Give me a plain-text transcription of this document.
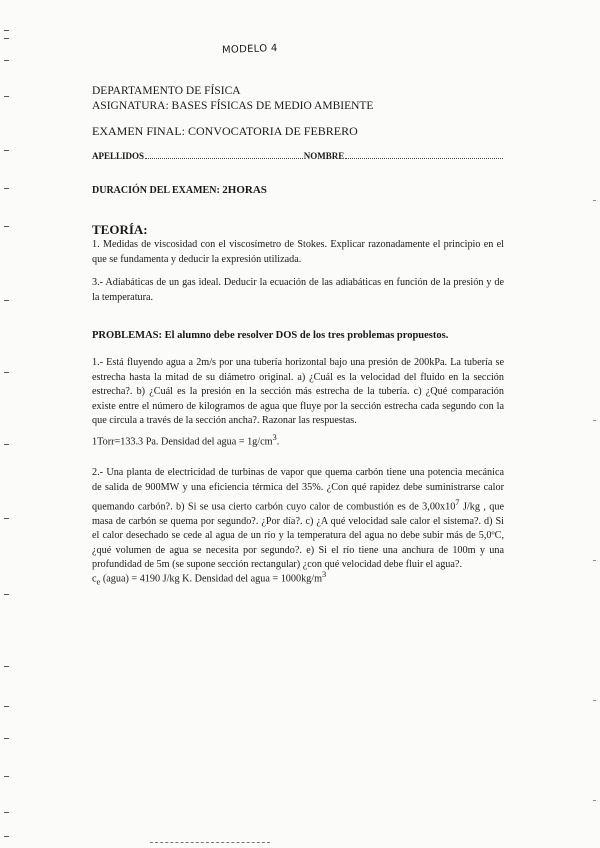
MODELO 4
DEPARTAMENTO DE FÍSICA
ASIGNATURA: BASES FÍSICAS DE MEDIO AMBIENTE
EXAMEN FINAL: CONVOCATORIA DE FEBRERO
APELLIDOS	NOMBRE
DURACIÓN DEL EXAMEN: 2HORAS
TEORÍA:
1. Medidas de viscosidad con el viscosímetro de Stokes. Explicar razonadamente el principio en el que se fundamenta y deducir la expresión utilizada.
3.- Adiabáticas de un gas ideal. Deducir la ecuación de las adiabáticas en función de la presión y de la temperatura.
PROBLEMAS: El alumno debe resolver DOS de los tres problemas propuestos.
1.- Está fluyendo agua a 2m/s por una tubería horizontal bajo una presión de 200kPa. La tubería se estrecha hasta la mitad de su diámetro original. a) ¿Cuál es la velocidad del fluido en la sección estrecha?. b) ¿Cuál es la presión en la sección más estrecha de la tubería. c) ¿Qué comparación existe entre el número de kilogramos de agua que fluye por la sección estrecha cada segundo con la que circula a través de la sección ancha?. Razonar las respuestas.
1Torr=133.3 Pa. Densidad del agua = $1g/cm^3$.
2.- Una planta de electricidad de turbinas de vapor que quema carbón tiene una potencia mecánica de salida de 900MW y una eficiencia térmica del 35%. ¿Con qué rapidez debe suministrarse calor quemando carbón?. b) Si se usa cierto carbón cuyo calor de combustión es de $3,00x10^7$ J/kg , que masa de carbón se quema por segundo?. ¿Por día?. c) ¿A qué velocidad sale calor el sistema?. d) Si el calor desechado se cede al agua de un río y la temperatura del agua no debe subir más de 5,0ºC, ¿qué volumen de agua se necesita por segundo?. e) Si el río tiene una anchura de 100m y una profundidad de 5m (se supone sección rectangular) ¿con qué velocidad debe fluir el agua?.
$c_e$ (agua) = 4190 J/kg K. Densidad del agua = $1000kg/m^3$
